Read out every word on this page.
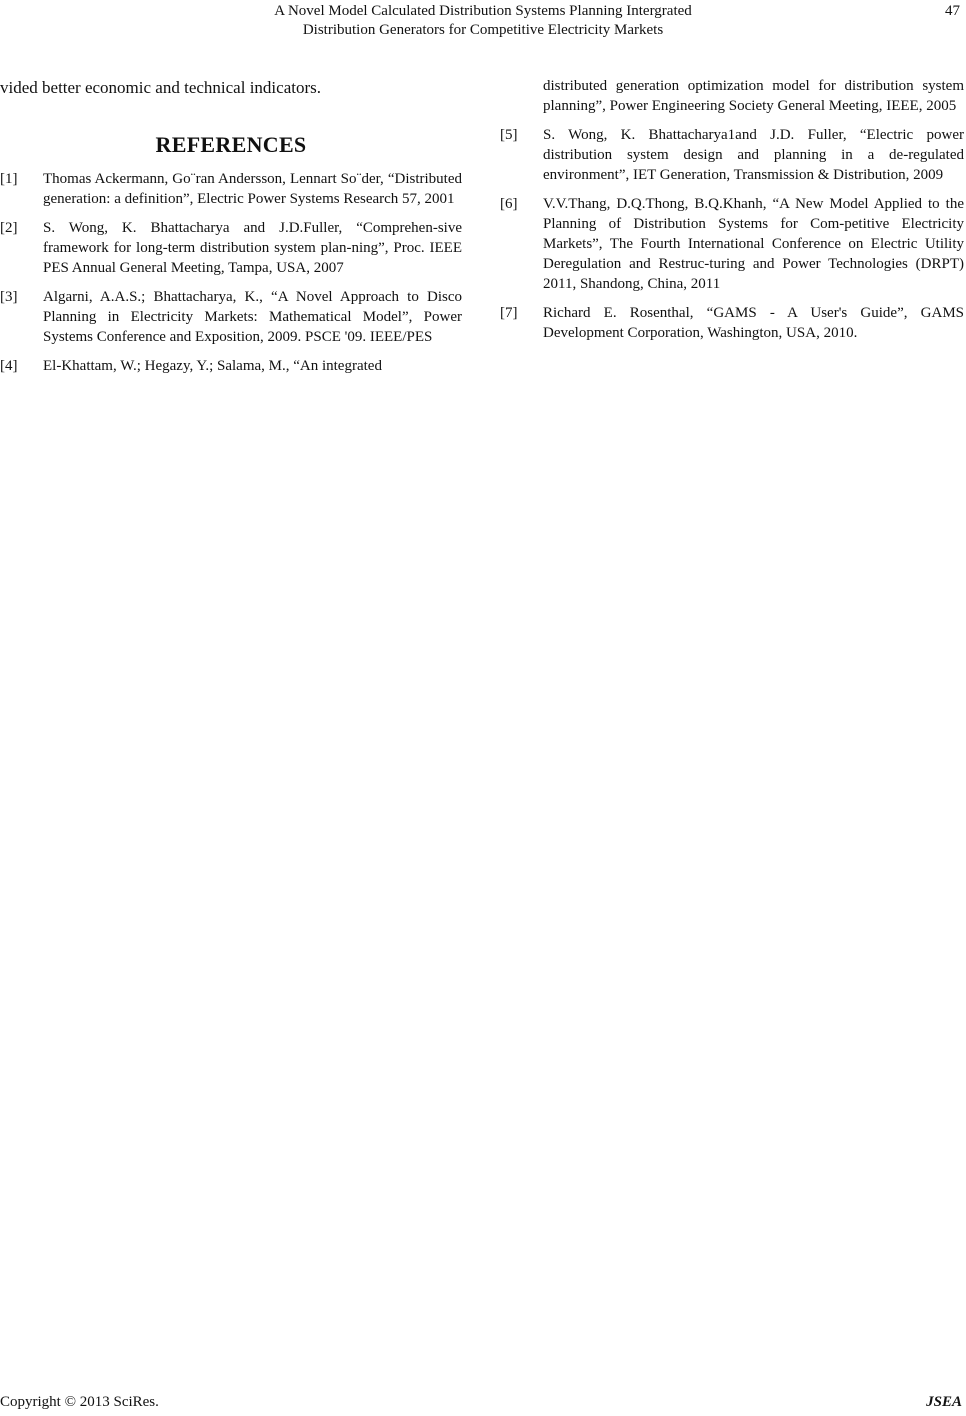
A Novel Model Calculated Distribution Systems Planning Intergrated
Distribution Generators for Competitive Electricity Markets
47

vided better economic and technical indicators.

REFERENCES
[1] Thomas Ackermann, Go¨ran Andersson, Lennart So¨der, “Distributed generation: a definition”, Electric Power Systems Research 57, 2001
[2] S. Wong, K. Bhattacharya and J.D.Fuller, “Comprehen-sive framework for long-term distribution system plan-ning”, Proc. IEEE PES Annual General Meeting, Tampa, USA, 2007
[3] Algarni, A.A.S.; Bhattacharya, K., “A Novel Approach to Disco Planning in Electricity Markets: Mathematical Model”, Power Systems Conference and Exposition, 2009. PSCE '09. IEEE/PES
[4] El-Khattam, W.; Hegazy, Y.; Salama, M., “An integrated
distributed generation optimization model for distribution system planning”, Power Engineering Society General Meeting, IEEE, 2005
[5] S. Wong, K. Bhattacharya1and J.D. Fuller, “Electric power distribution system design and planning in a de-regulated environment”, IET Generation, Transmission & Distribution, 2009
[6] V.V.Thang, D.Q.Thong, B.Q.Khanh, “A New Model Applied to the Planning of Distribution Systems for Com-petitive Electricity Markets”, The Fourth International Conference on Electric Utility Deregulation and Restruc-turing and Power Technologies (DRPT) 2011, Shandong, China, 2011
[7] Richard E. Rosenthal, “GAMS - A User's Guide”, GAMS Development Corporation, Washington, USA, 2010.
Copyright © 2013 SciRes.	JSEA
